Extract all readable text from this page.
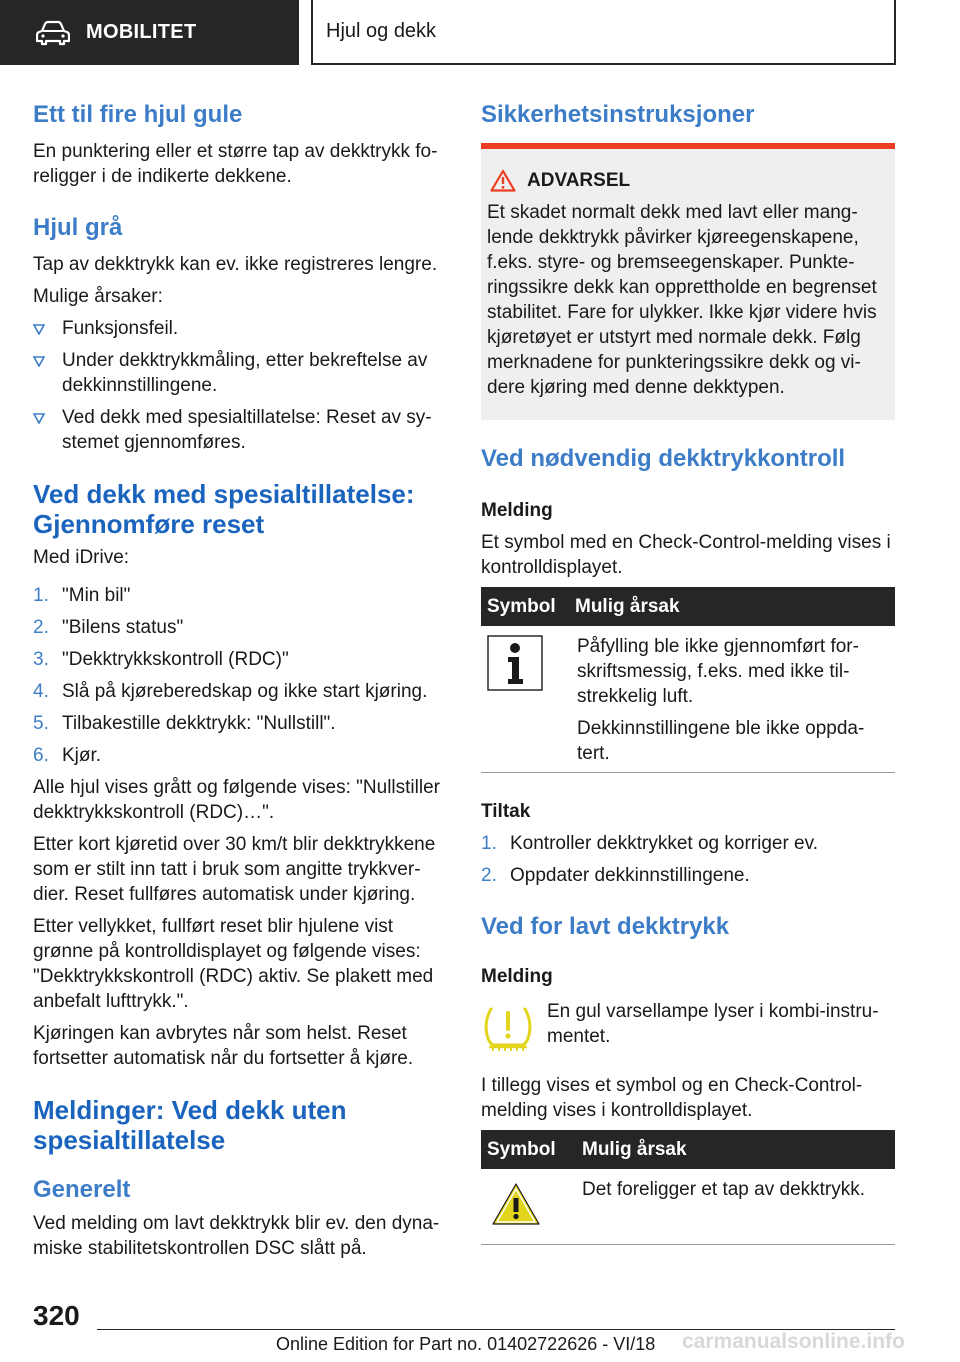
MOBILITET	Hjul og dekk
Ett til fire hjul gule
En punktering eller et større tap av dekktrykk foreligger i de indikerte dekkene.
Hjul grå
Tap av dekktrykk kan ev. ikke registreres lengre.
Mulige årsaker:
Funksjonsfeil.
Under dekktrykkmåling, etter bekreftelse av dekkinnstillingene.
Ved dekk med spesialtillatelse: Reset av systemet gjennomføres.
Ved dekk med spesialtillatelse: Gjennomføre reset
Med iDrive:
1. "Min bil"
2. "Bilens status"
3. "Dekktrykkskontroll (RDC)"
4. Slå på kjøreberedskap og ikke start kjøring.
5. Tilbakestille dekktrykk: "Nullstill".
6. Kjør.
Alle hjul vises grått og følgende vises: "Nullstiller dekktrykkskontroll (RDC)…".
Etter kort kjøretid over 30 km/t blir dekktrykkene som er stilt inn tatt i bruk som angitte trykkverdier. Reset fullføres automatisk under kjøring.
Etter vellykket, fullført reset blir hjulene vist grønne på kontrolldisplayet og følgende vises: "Dekktrykkskontroll (RDC) aktiv. Se plakett med anbefalt lufttrykk.".
Kjøringen kan avbrytes når som helst. Reset fortsetter automatisk når du fortsetter å kjøre.
Meldinger: Ved dekk uten spesialtillatelse
Generelt
Ved melding om lavt dekktrykk blir ev. den dynamiske stabilitetskontrollen DSC slått på.
Sikkerhetsinstruksjoner
ADVARSEL
Et skadet normalt dekk med lavt eller manglende dekktrykk påvirker kjøreegenskapene, f.eks. styre- og bremseegenskaper. Punkteringssikre dekk kan opprettholde en begrenset stabilitet. Fare for ulykker. Ikke kjør videre hvis kjøretøyet er utstyrt med normale dekk. Følg merknadene for punkteringssikre dekk og videre kjøring med denne dekktypen.
Ved nødvendig dekktrykkontroll
Melding
Et symbol med en Check-Control-melding vises i kontrolldisplayet.
Symbol	Mulig årsak

Påfylling ble ikke gjennomført forskriftsmessig, f.eks. med ikke tilstrekkelig luft.
Dekkinnstillingene ble ikke oppdatert.
Tiltak
1. Kontroller dekktrykket og korriger ev.
2. Oppdater dekkinnstillingene.
Ved for lavt dekktrykk
Melding
En gul varsellampe lyser i kombi-instrumentet.
I tillegg vises et symbol og en Check-Control-melding vises i kontrolldisplayet.
Symbol	Mulig årsak

Det foreligger et tap av dekktrykk.
320
Online Edition for Part no. 01402722626 - VI/18 carmanualsonline.info
